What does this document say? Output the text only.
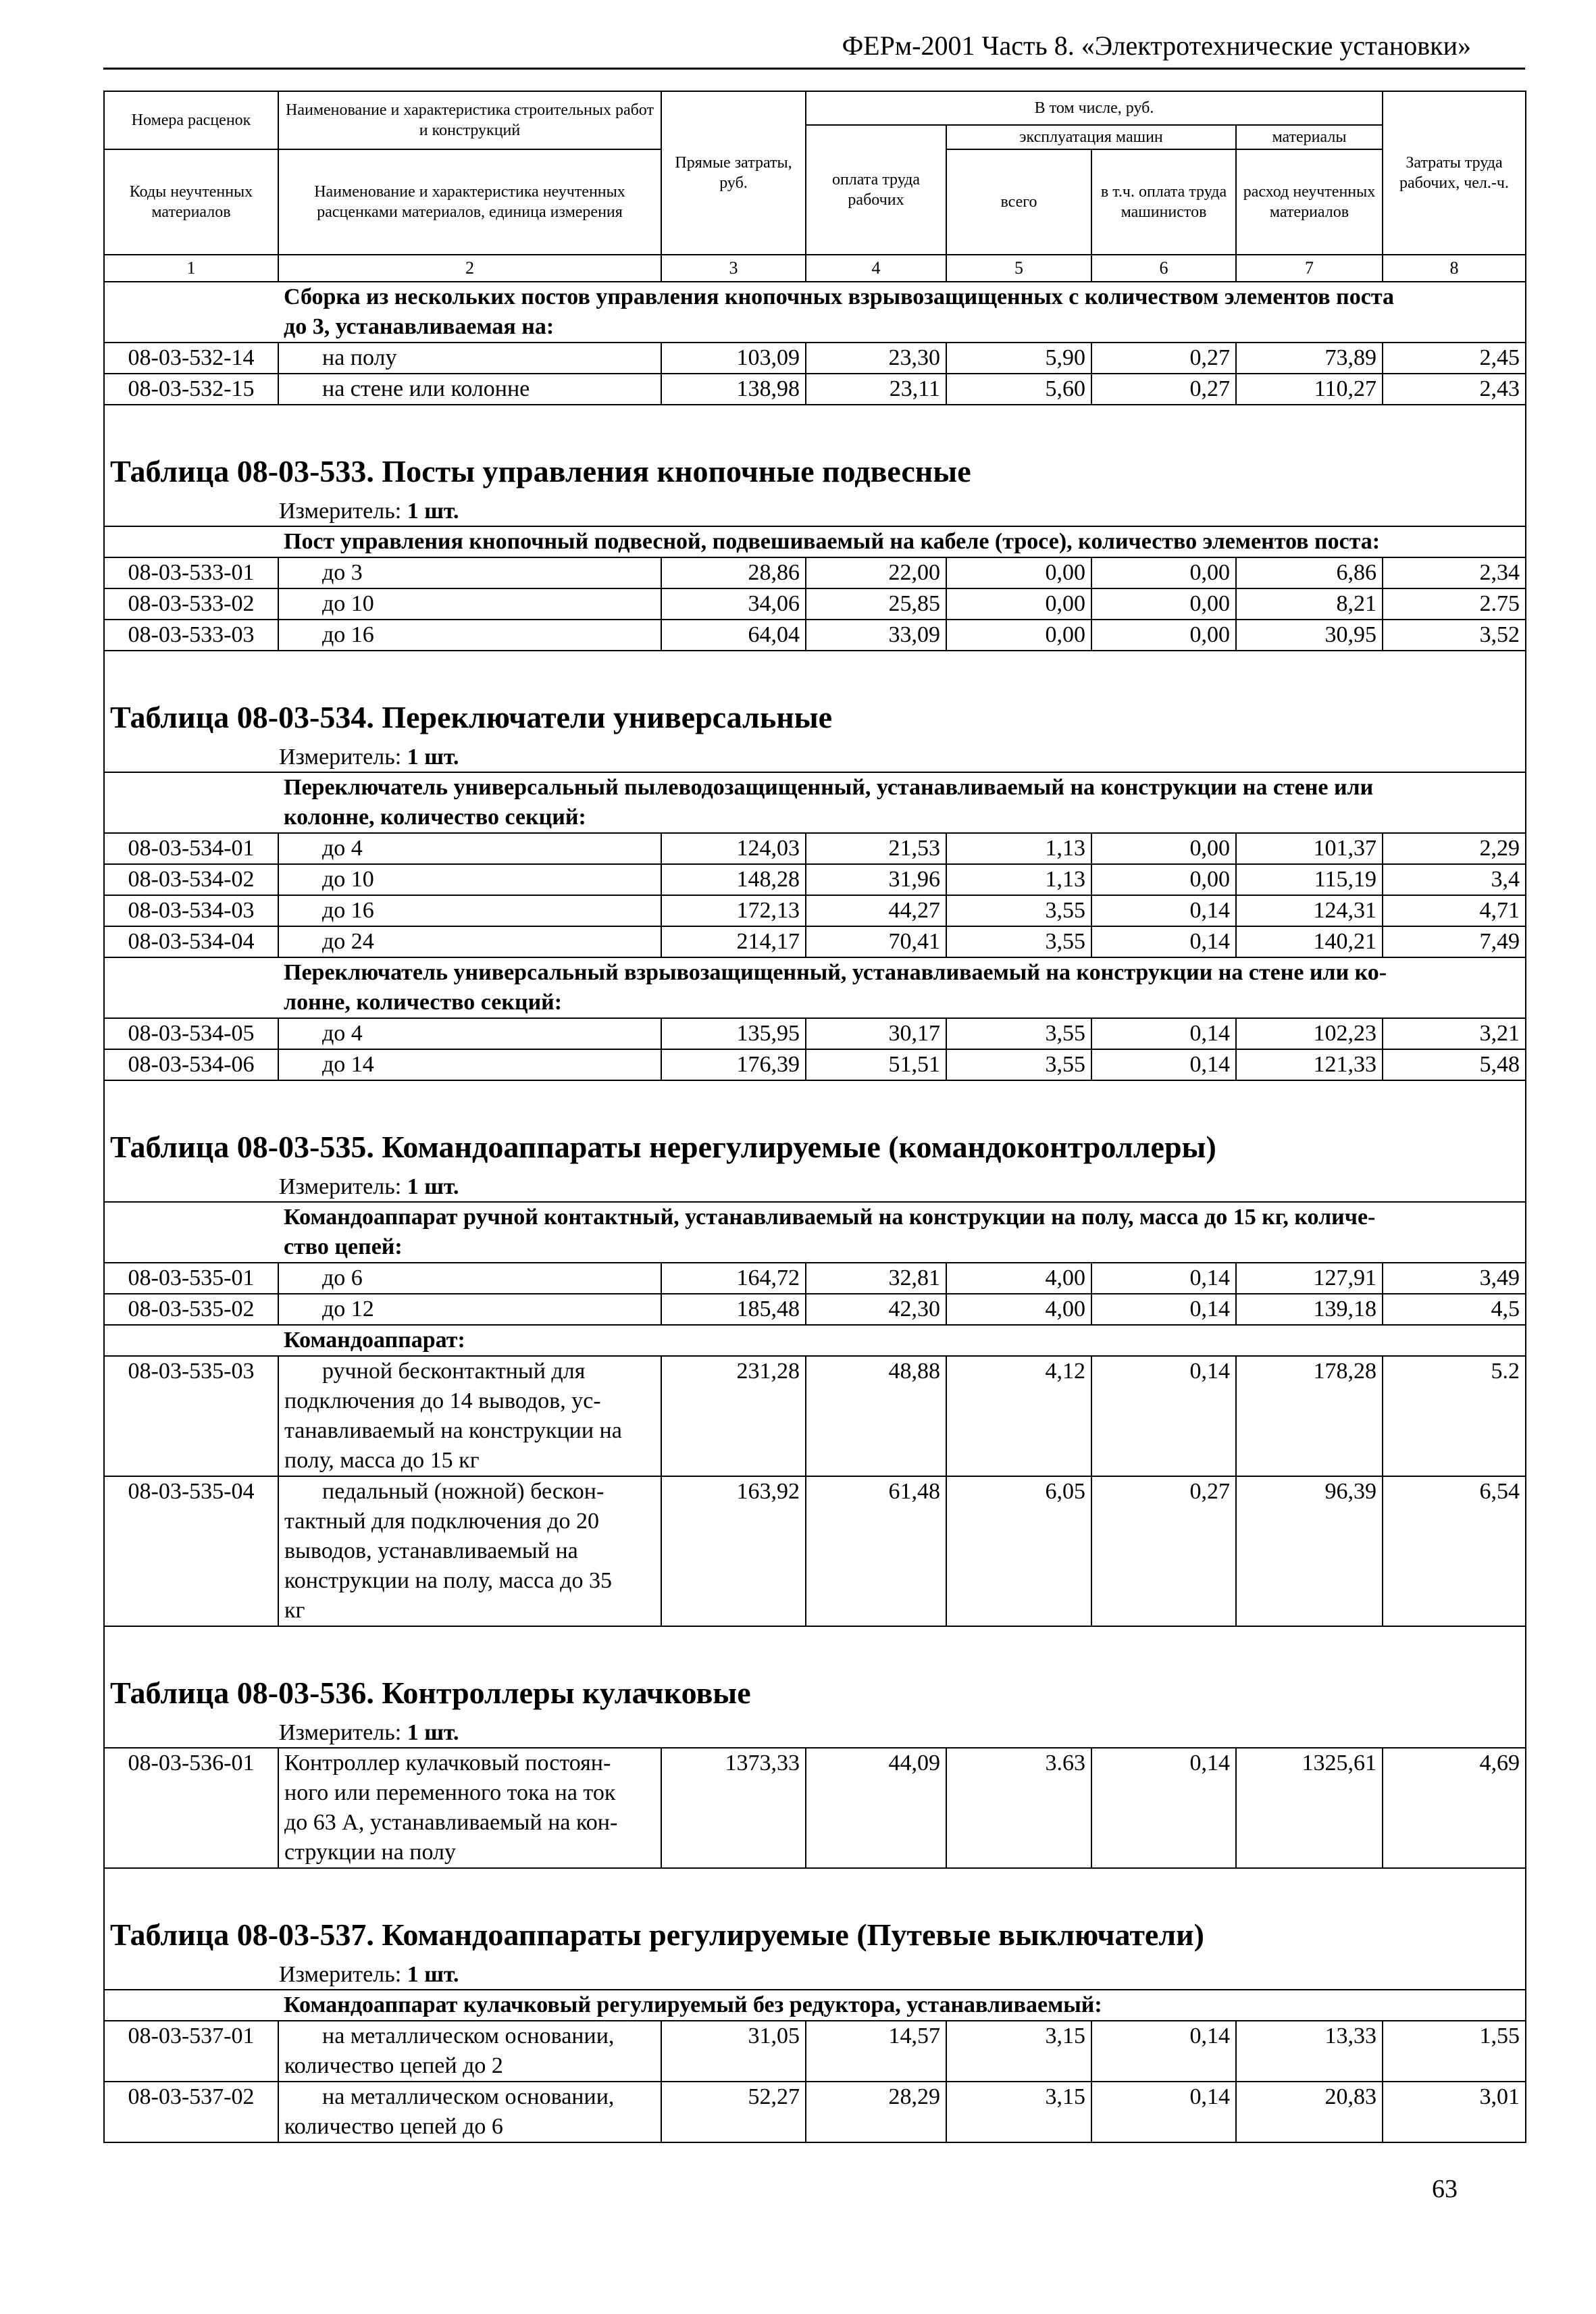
ФЕРм-2001 Часть 8. «Электротехнические установки»
Номера расценок	Наименование и характеристика строительных работ и конструкций	Прямые затраты, руб.	В том числе, руб.				Затраты труда рабочих, чел.-ч.
			оплата труда рабочих	эксплуатация машин		материалы	
Коды неучтенных материалов	Наименование и характеристика неучтенных расценками материалов, единица измерения			всего	в т.ч. оплата труда машинистов	расход неучтенных материалов	
1	2	3	4	5	6	7	8
	Сборка из нескольких постов управления кнопочных взрывозащищенных с количеством элементов поста
до 3, устанавливаемая на:						
08-03-532-14	на полу	103,09	23,30	5,90	0,27	73,89	2,45
08-03-532-15	на стене или колонне	138,98	23,11	5,60	0,27	110,27	2,43
Таблица 08-03-533. Посты управления кнопочные подвесные							
Измеритель: 1 шт.							
	Пост управления кнопочный подвесной, подвешиваемый на кабеле (тросе), количество элементов поста:						
08-03-533-01	до 3	28,86	22,00	0,00	0,00	6,86	2,34
08-03-533-02	до 10	34,06	25,85	0,00	0,00	8,21	2.75
08-03-533-03	до 16	64,04	33,09	0,00	0,00	30,95	3,52
Таблица 08-03-534. Переключатели универсальные							
Измеритель: 1 шт.							
	Переключатель универсальный пылеводозащищенный, устанавливаемый на конструкции на стене или
колонне, количество секций:						
08-03-534-01	до 4	124,03	21,53	1,13	0,00	101,37	2,29
08-03-534-02	до 10	148,28	31,96	1,13	0,00	115,19	3,4
08-03-534-03	до 16	172,13	44,27	3,55	0,14	124,31	4,71
08-03-534-04	до 24	214,17	70,41	3,55	0,14	140,21	7,49
	Переключатель универсальный взрывозащищенный, устанавливаемый на конструкции на стене или ко-
лонне, количество секций:						
08-03-534-05	до 4	135,95	30,17	3,55	0,14	102,23	3,21
08-03-534-06	до 14	176,39	51,51	3,55	0,14	121,33	5,48
Таблица 08-03-535. Командоаппараты нерегулируемые (командоконтроллеры)							
Измеритель: 1 шт.							
	Командоаппарат ручной контактный, устанавливаемый на конструкции на полу, масса до 15 кг, количе-
ство цепей:						
08-03-535-01	до 6	164,72	32,81	4,00	0,14	127,91	3,49
08-03-535-02	до 12	185,48	42,30	4,00	0,14	139,18	4,5
	Командоаппарат:						
08-03-535-03	ручной бесконтактный для
подключения до 14 выводов, ус-
танавливаемый на конструкции на
полу, масса до 15 кг	231,28	48,88	4,12	0,14	178,28	5.2
08-03-535-04	педальный (ножной) бескон-
тактный для подключения до 20
выводов, устанавливаемый на
конструкции на полу, масса до 35
кг	163,92	61,48	6,05	0,27	96,39	6,54
Таблица 08-03-536. Контроллеры кулачковые							
Измеритель: 1 шт.							
08-03-536-01	Контроллер кулачковый постоян-
ного или переменного тока на ток
до 63 А, устанавливаемый на кон-
струкции на полу	1373,33	44,09	3.63	0,14	1325,61	4,69
Таблица 08-03-537. Командоаппараты регулируемые (Путевые выключатели)							
Измеритель: 1 шт.							
	Командоаппарат кулачковый регулируемый без редуктора, устанавливаемый:						
08-03-537-01	на металлическом основании,
количество цепей до 2	31,05	14,57	3,15	0,14	13,33	1,55
08-03-537-02	на металлическом основании,
количество цепей до 6	52,27	28,29	3,15	0,14	20,83	3,01
63
